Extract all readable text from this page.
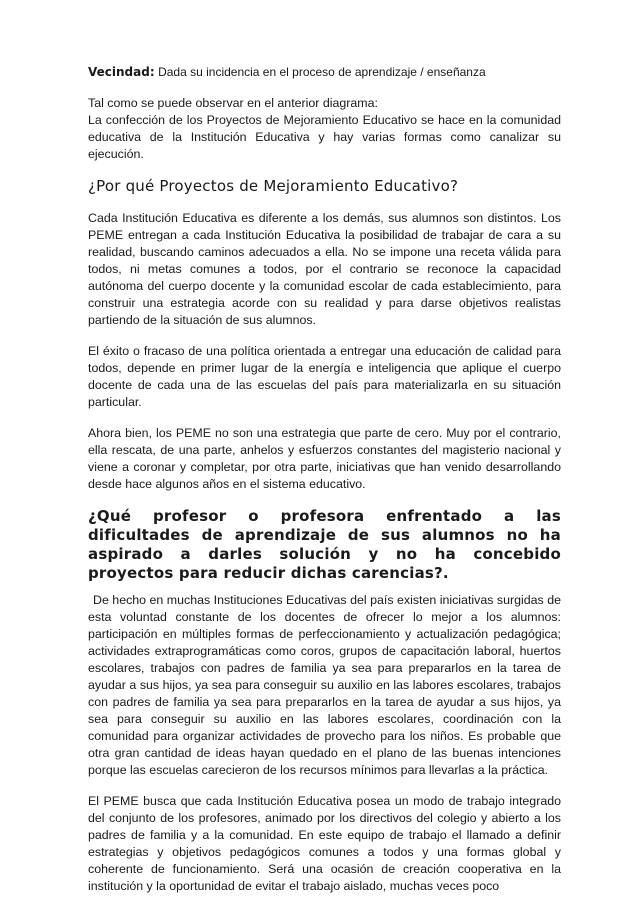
Vecindad: Dada su incidencia en el proceso de aprendizaje / enseñanza

Tal como se puede observar en el anterior diagrama:

La confección de los Proyectos de Mejoramiento Educativo se hace en la comunidad educativa de la Institución Educativa y hay varias formas como canalizar su ejecución.

¿Por qué Proyectos de Mejoramiento Educativo?

Cada Institución Educativa es diferente a los demás, sus alumnos son distintos. Los PEME entregan a cada Institución Educativa la posibilidad de trabajar de cara a su realidad, buscando caminos adecuados a ella. No se impone una receta válida para todos, ni metas comunes a todos, por el contrario se reconoce la capacidad autónoma del cuerpo docente y la comunidad escolar de cada establecimiento, para construir una estrategia acorde con su realidad y para darse objetivos realistas partiendo de la situación de sus alumnos.

El éxito o fracaso de una política orientada a entregar una educación de calidad para todos, depende en primer lugar de la energía e inteligencia que aplique el cuerpo docente de cada una de las escuelas del país para materializarla en su situación particular.

Ahora bien, los PEME no son una estrategia que parte de cero. Muy por el contrario, ella rescata, de una parte, anhelos y esfuerzos constantes del magisterio nacional y viene a coronar y completar, por otra parte, iniciativas que han venido desarrollando desde hace algunos años en el sistema educativo.

¿Qué profesor o profesora enfrentado a las dificultades de aprendizaje de sus alumnos no ha aspirado a darles solución y no ha concebido proyectos para reducir dichas carencias?.

De hecho en muchas Instituciones Educativas del país existen iniciativas surgidas de esta voluntad constante de los docentes de ofrecer lo mejor a los alumnos: participación en múltiples formas de perfeccionamiento y actualización pedagógica; actividades extraprogramáticas como coros, grupos de capacitación laboral, huertos escolares, trabajos con padres de familia ya sea para prepararlos en la tarea de ayudar a sus hijos, ya sea para conseguir su auxilio en las labores escolares, trabajos con padres de familia ya sea para prepararlos en la tarea de ayudar a sus hijos, ya sea para conseguir su auxilio en las labores escolares, coordinación con la comunidad para organizar actividades de provecho para los niños. Es probable que otra gran cantidad de ideas hayan quedado en el plano de las buenas intenciones porque las escuelas carecieron de los recursos mínimos para llevarlas a la práctica.

El PEME busca que cada Institución Educativa posea un modo de trabajo integrado del conjunto de los profesores, animado por los directivos del colegio y abierto a los padres de familia y a la comunidad. En este equipo de trabajo el llamado a definir estrategias y objetivos pedagógicos comunes a todos y una formas global y coherente de funcionamiento. Será una ocasión de creación cooperativa en la institución y la oportunidad de evitar el trabajo aislado, muchas veces poco
